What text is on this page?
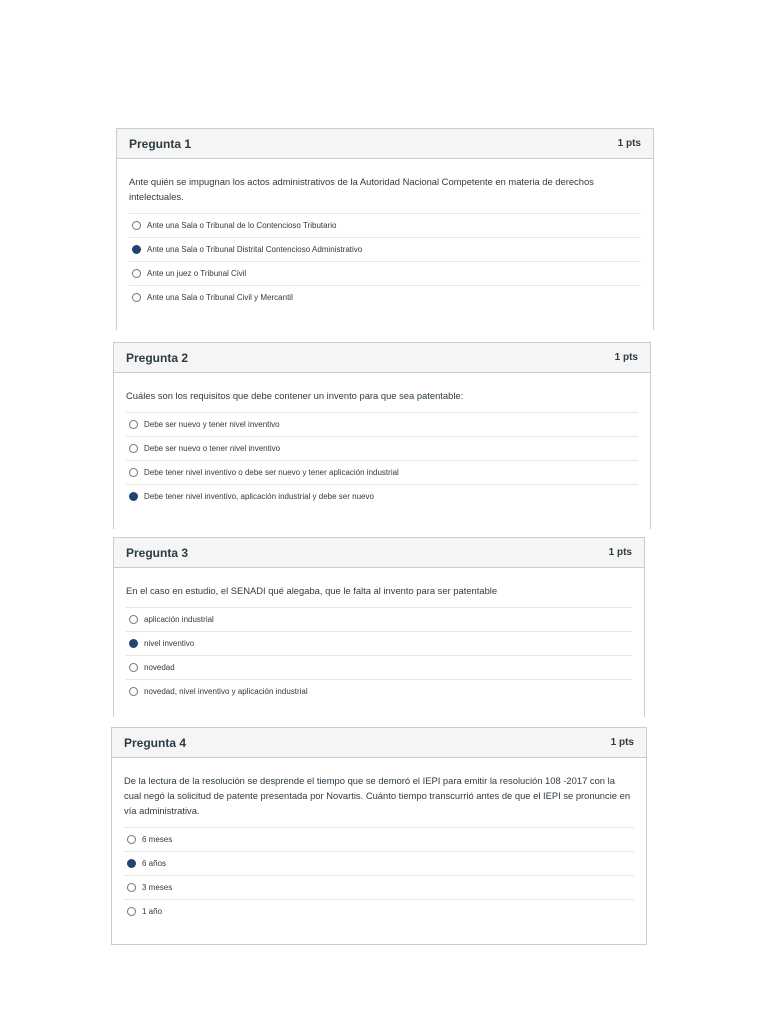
Pregunta 1	1 pts
Ante quién se impugnan los actos administrativos de la Autoridad Nacional Competente en materia de derechos intelectuales.
Ante una Sala o Tribunal de lo Contencioso Tributario
Ante una Sala o Tribunal Distrital Contencioso Administrativo
Ante un juez o Tribunal Civil
Ante una Sala o Tribunal Civil y Mercantil
Pregunta 2	1 pts
Cuáles son los requisitos que debe contener un invento para que sea patentable:
Debe ser nuevo y tener nivel inventivo
Debe ser nuevo o tener nivel inventivo
Debe tener nivel inventivo o debe ser nuevo y tener aplicación industrial
Debe tener nivel inventivo, aplicación industrial y debe ser nuevo
Pregunta 3	1 pts
En el caso en estudio, el SENADI qué alegaba, que le falta al invento para ser patentable
aplicación industrial
nivel inventivo
novedad
novedad, nivel inventivo y aplicación industrial
Pregunta 4	1 pts
De la lectura de la resolución se desprende el tiempo que se demoró el IEPI para emitir la resolución 108 -2017 con la cual negó la solicitud de patente presentada por Novartis. Cuánto tiempo transcurrió antes de que el IEPI se pronuncie en vía administrativa.
6 meses
6 años
3 meses
1 año
